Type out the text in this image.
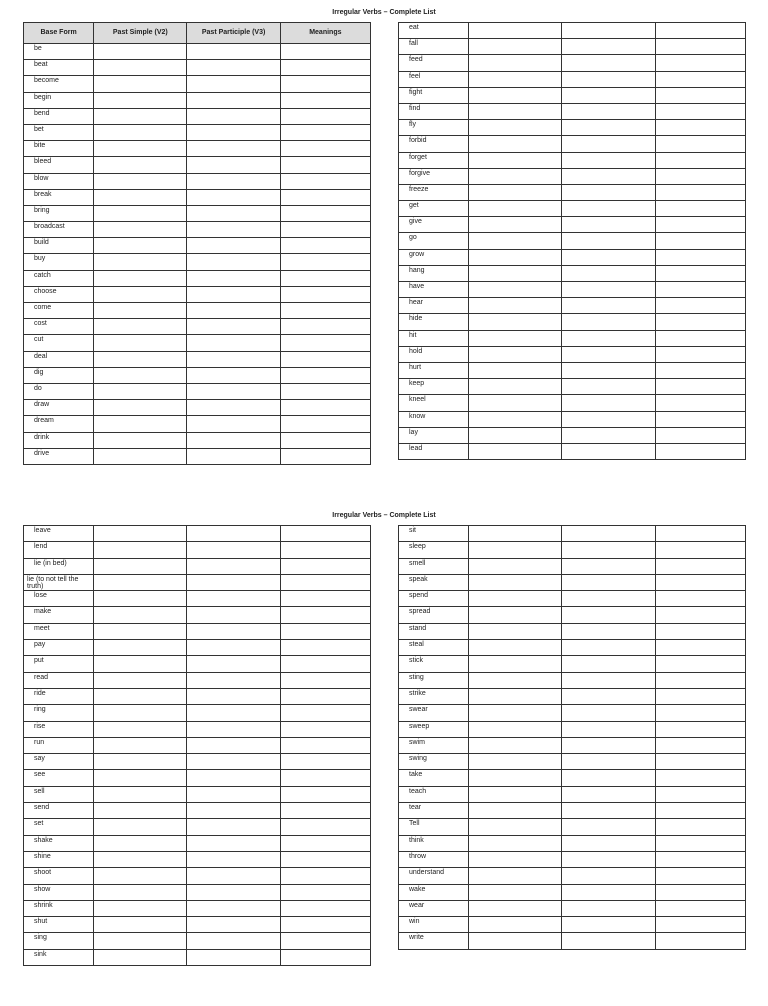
Irregular Verbs – Complete List
Base Form	Past Simple (V2)	Past Participle (V3)	Meanings
be			
beat			
become			
begin			
bend			
bet			
bite			
bleed			
blow			
break			
bring			
broadcast			
build			
buy			
catch			
choose			
come			
cost			
cut			
deal			
dig			
do			
draw			
dream			
drink			
drive			
eat			
fall			
feed			
feel			
fight			
find			
fly			
forbid			
forget			
forgive			
freeze			
get			
give			
go			
grow			
hang			
have			
hear			
hide			
hit			
hold			
hurt			
keep			
kneel			
know			
lay			
lead			
Irregular Verbs – Complete List
leave			
lend			
lie (in bed)			
lie (to not tell the truth)			
lose			
make			
meet			
pay			
put			
read			
ride			
ring			
rise			
run			
say			
see			
sell			
send			
set			
shake			
shine			
shoot			
show			
shrink			
shut			
sing			
sink			
sit			
sleep			
smell			
speak			
spend			
spread			
stand			
steal			
stick			
sting			
strike			
swear			
sweep			
swim			
swing			
take			
teach			
tear			
Tell			
think			
throw			
understand			
wake			
wear			
win			
write			
